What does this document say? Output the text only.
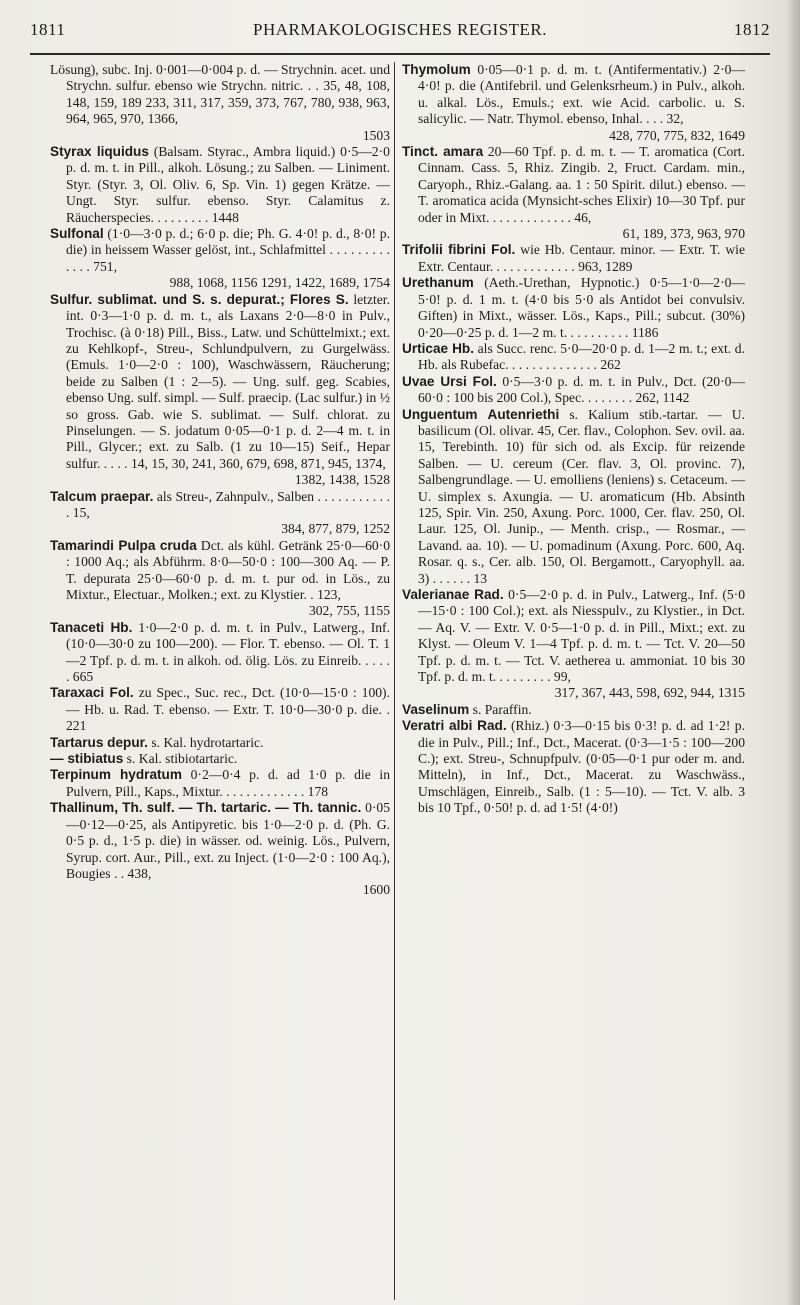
1811	PHARMAKOLOGISCHES REGISTER.	1812
Lösung), subc. Inj. 0·001—0·004 p. d. — Strychnin. acet. und Strychn. sulfur. ebenso wie Strychn. nitric. . . 35, 48, 108, 148, 159, 189 233, 311, 317, 359, 373, 767, 780, 938, 963, 964, 965, 970, 1366,
1503
Styrax liquidus (Balsam. Styrac., Ambra liquid.) 0·5—2·0 p. d. m. t. in Pill., alkoh. Lösung.; zu Salben. — Liniment. Styr. (Styr. 3, Ol. Oliv. 6, Sp. Vin. 1) gegen Krätze. — Ungt. Styr. sulfur. ebenso. Styr. Calamitus z. Räucherspecies. . . . . . . . . 1448
Sulfonal (1·0—3·0 p. d.; 6·0 p. die; Ph. G. 4·0! p. d., 8·0! p. die) in heissem Wasser gelöst, int., Schlafmittel . . . . . . . . . . . . . 751,
988, 1068, 1156 1291, 1422, 1689, 1754
Sulfur. sublimat. und S. s. depurat.; Flores S. letzter. int. 0·3—1·0 p. d. m. t., als Laxans 2·0—8·0 in Pulv., Trochisc. (à 0·18) Pill., Biss., Latw. und Schüttelmixt.; ext. zu Kehlkopf-, Streu-, Schlundpulvern, zu Gurgelwäss. (Emuls. 1·0—2·0 : 100), Waschwässern, Räucherung; beide zu Salben (1 : 2—5). — Ung. sulf. geg. Scabies, ebenso Ung. sulf. simpl. — Sulf. praecip. (Lac sulfur.) in ½ so gross. Gab. wie S. sublimat. — Sulf. chlorat. zu Pinselungen. — S. jodatum 0·05—0·1 p. d. 2—4 m. t. in Pill., Glycer.; ext. zu Salb. (1 zu 10—15) Seif., Hepar sulfur. . . . . 14, 15, 30, 241, 360, 679, 698, 871, 945, 1374,
1382, 1438, 1528
Talcum praepar. als Streu-, Zahnpulv., Salben . . . . . . . . . . . . 15,
384, 877, 879, 1252
Tamarindi Pulpa cruda Dct. als kühl. Getränk 25·0—60·0 : 1000 Aq.; als Abführm. 8·0—50·0 : 100—300 Aq. — P. T. depurata 25·0—60·0 p. d. m. t. pur od. in Lös., zu Mixtur., Electuar., Molken.; ext. zu Klystier. . 123,
302, 755, 1155
Tanaceti Hb. 1·0—2·0 p. d. m. t. in Pulv., Latwerg., Inf. (10·0—30·0 zu 100—200). — Flor. T. ebenso. — Ol. T. 1—2 Tpf. p. d. m. t. in alkoh. od. ölig. Lös. zu Einreib. . . . . . 665
Taraxaci Fol. zu Spec., Suc. rec., Dct. (10·0—15·0 : 100). — Hb. u. Rad. T. ebenso. — Extr. T. 10·0—30·0 p. die. . 221
Tartarus depur. s. Kal. hydrotartaric.
— stibiatus s. Kal. stibiotartaric.
Terpinum hydratum 0·2—0·4 p. d. ad 1·0 p. die in Pulvern, Pill., Kaps., Mixtur. . . . . . . . . . . . . 178
Thallinum, Th. sulf. — Th. tartaric. — Th. tannic. 0·05—0·12—0·25, als Antipyretic. bis 1·0—2·0 p. d. (Ph. G. 0·5 p. d., 1·5 p. die) in wässer. od. weinig. Lös., Pulvern, Syrup. cort. Aur., Pill., ext. zu Inject. (1·0—2·0 : 100 Aq.), Bougies . . 438,
1600
Thymolum 0·05—0·1 p. d. m. t. (Antifermentativ.) 2·0—4·0! p. die (Antifebril. und Gelenksrheum.) in Pulv., alkoh. u. alkal. Lös., Emuls.; ext. wie Acid. carbolic. u. S. salicylic. — Natr. Thymol. ebenso, Inhal. . . . 32,
428, 770, 775, 832, 1649
Tinct. amara 20—60 Tpf. p. d. m. t. — T. aromatica (Cort. Cinnam. Cass. 5, Rhiz. Zingib. 2, Fruct. Cardam. min., Caryoph., Rhiz.-Galang. aa. 1 : 50 Spirit. dilut.) ebenso. — T. aromatica acida (Mynsicht-sches Elixir) 10—30 Tpf. pur oder in Mixt. . . . . . . . . . . . . 46,
61, 189, 373, 963, 970
Trifolii fibrini Fol. wie Hb. Centaur. minor. — Extr. T. wie Extr. Centaur. . . . . . . . . . . . . 963, 1289
Urethanum (Aeth.-Urethan, Hypnotic.) 0·5—1·0—2·0—5·0! p. d. 1 m. t. (4·0 bis 5·0 als Antidot bei convulsiv. Giften) in Mixt., wässer. Lös., Kaps., Pill.; subcut. (30%) 0·20—0·25 p. d. 1—2 m. t. . . . . . . . . . 1186
Urticae Hb. als Succ. renc. 5·0—20·0 p. d. 1—2 m. t.; ext. d. Hb. als Rubefac. . . . . . . . . . . . . . 262
Uvae Ursi Fol. 0·5—3·0 p. d. m. t. in Pulv., Dct. (20·0—60·0 : 100 bis 200 Col.), Spec. . . . . . . . 262, 1142
Unguentum Autenriethi s. Kalium stib.-tartar. — U. basilicum (Ol. olivar. 45, Cer. flav., Colophon. Sev. ovil. aa. 15, Terebinth. 10) für sich od. als Excip. für reizende Salben. — U. cereum (Cer. flav. 3, Ol. provinc. 7), Salbengrundlage. — U. emolliens (leniens) s. Cetaceum. — U. simplex s. Axungia. — U. aromaticum (Hb. Absinth 125, Spir. Vin. 250, Axung. Porc. 1000, Cer. flav. 250, Ol. Laur. 125, Ol. Junip., — Menth. crisp., — Rosmar., — Lavand. aa. 10). — U. pomadinum (Axung. Porc. 600, Aq. Rosar. q. s., Cer. alb. 150, Ol. Bergamott., Caryophyll. aa. 3) . . . . . . 13
Valerianae Rad. 0·5—2·0 p. d. in Pulv., Latwerg., Inf. (5·0—15·0 : 100 Col.); ext. als Niesspulv., zu Klystier., in Dct. — Aq. V. — Extr. V. 0·5—1·0 p. d. in Pill., Mixt.; ext. zu Klyst. — Oleum V. 1—4 Tpf. p. d. m. t. — Tct. V. 20—50 Tpf. p. d. m. t. — Tct. V. aetherea u. ammoniat. 10 bis 30 Tpf. p. d. m. t. . . . . . . . . 99,
317, 367, 443, 598, 692, 944, 1315
Vaselinum s. Paraffin.
Veratri albi Rad. (Rhiz.) 0·3—0·15 bis 0·3! p. d. ad 1·2! p. die in Pulv., Pill.; Inf., Dct., Macerat. (0·3—1·5 : 100—200 C.); ext. Streu-, Schnupfpulv. (0·05—0·1 pur oder m. and. Mitteln), in Inf., Dct., Macerat. zu Waschwäss., Umschlägen, Einreib., Salb. (1 : 5—10). — Tct. V. alb. 3 bis 10 Tpf., 0·50! p. d. ad 1·5! (4·0!)
